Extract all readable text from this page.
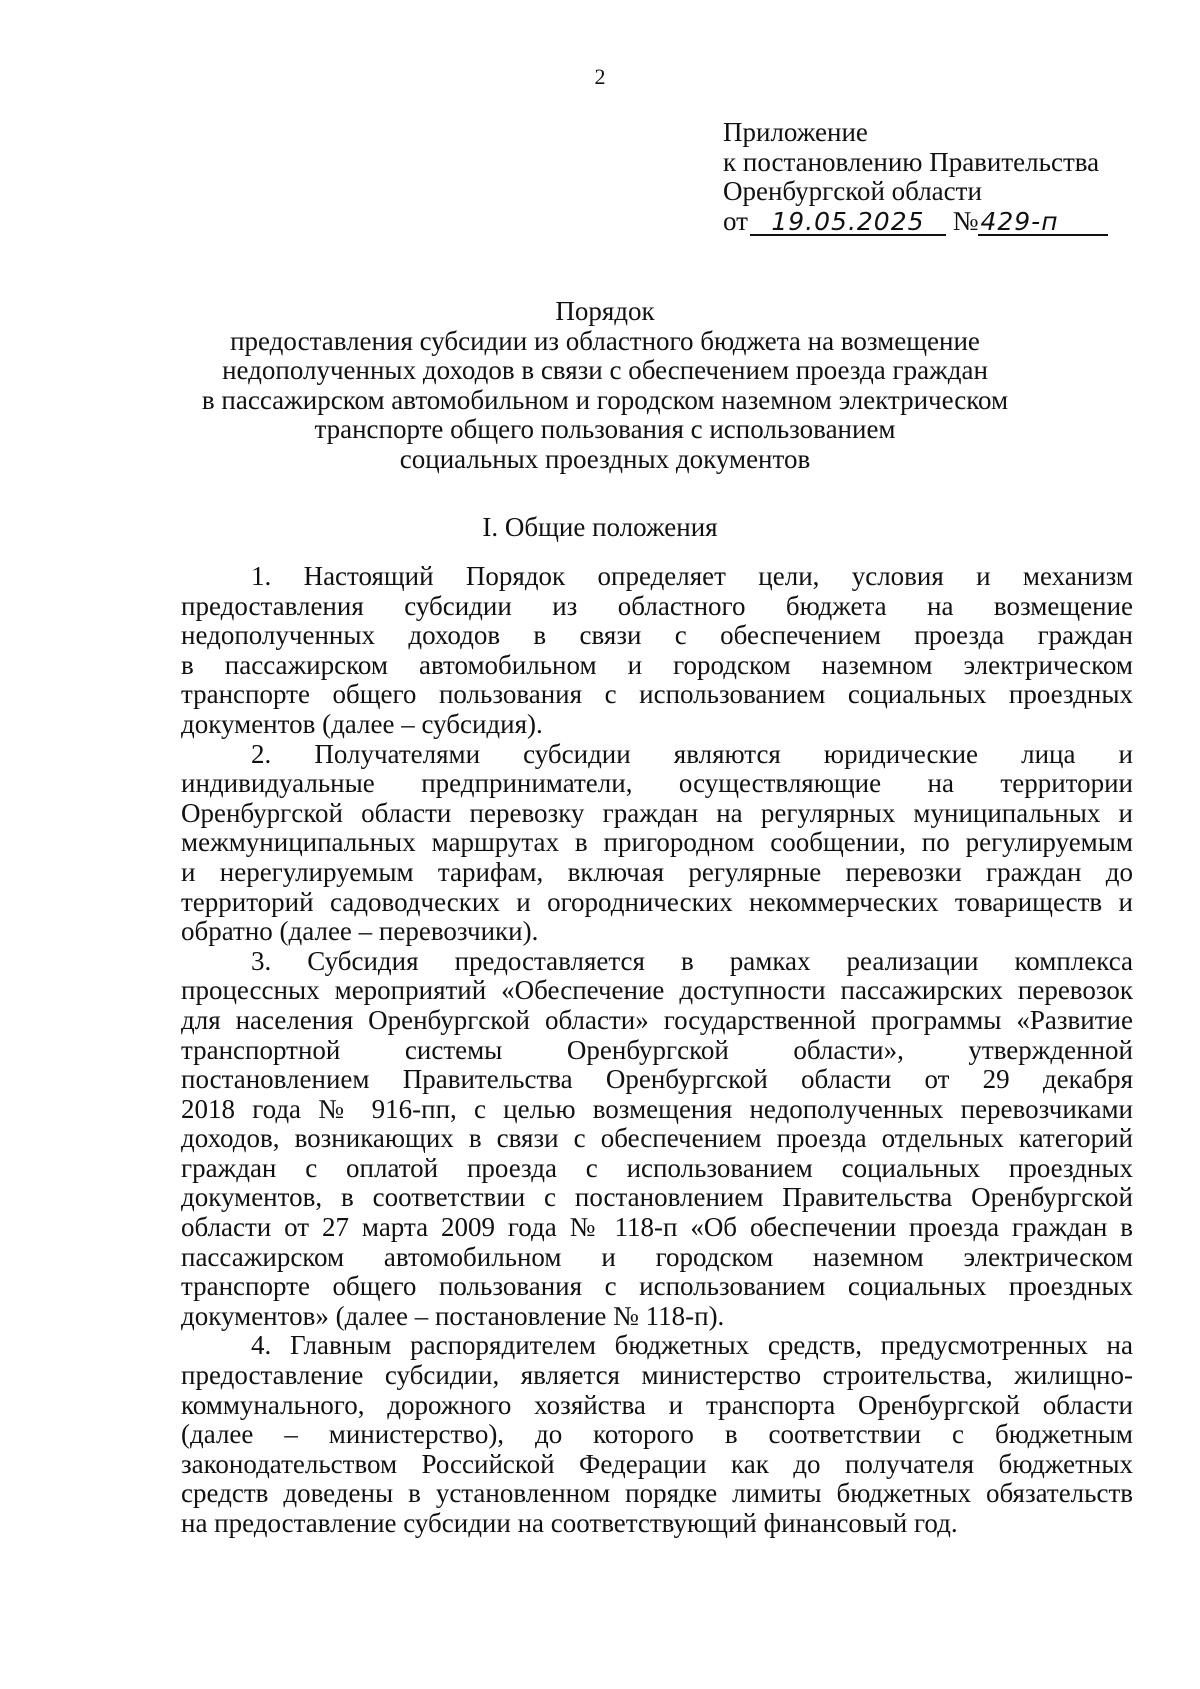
2
Приложение
к постановлению Правительства
Оренбургской области
от 19.05.2025 №429-п
Порядок
предоставления субсидии из областного бюджета на возмещение
недополученных доходов в связи с обеспечением проезда граждан
в пассажирском автомобильном и городском наземном электрическом
транспорте общего пользования с использованием
социальных проездных документов
I. Общие положения
1. Настоящий Порядок определяет цели, условия и механизм
предоставления субсидии из областного бюджета на возмещение
недополученных доходов в связи с обеспечением проезда граждан
в пассажирском автомобильном и городском наземном электрическом
транспорте общего пользования с использованием социальных проездных
документов (далее – субсидия).
2. Получателями субсидии являются юридические лица и
индивидуальные предприниматели, осуществляющие на территории
Оренбургской области перевозку граждан на регулярных муниципальных и
межмуниципальных маршрутах в пригородном сообщении, по регулируемым
и нерегулируемым тарифам, включая регулярные перевозки граждан до
территорий садоводческих и огороднических некоммерческих товариществ и
обратно (далее – перевозчики).
3. Субсидия предоставляется в рамках реализации комплекса
процессных мероприятий «Обеспечение доступности пассажирских перевозок
для населения Оренбургской области» государственной программы «Развитие
транспортной системы Оренбургской области», утвержденной
постановлением Правительства Оренбургской области от 29 декабря
2018 года № 916-пп, с целью возмещения недополученных перевозчиками
доходов, возникающих в связи с обеспечением проезда отдельных категорий
граждан с оплатой проезда с использованием социальных проездных
документов, в соответствии с постановлением Правительства Оренбургской
области от 27 марта 2009 года № 118-п «Об обеспечении проезда граждан в
пассажирском автомобильном и городском наземном электрическом
транспорте общего пользования с использованием социальных проездных
документов» (далее – постановление № 118-п).
4. Главным распорядителем бюджетных средств, предусмотренных на
предоставление субсидии, является министерство строительства, жилищно-
коммунального, дорожного хозяйства и транспорта Оренбургской области
(далее – министерство), до которого в соответствии с бюджетным
законодательством Российской Федерации как до получателя бюджетных
средств доведены в установленном порядке лимиты бюджетных обязательств
на предоставление субсидии на соответствующий финансовый год.
